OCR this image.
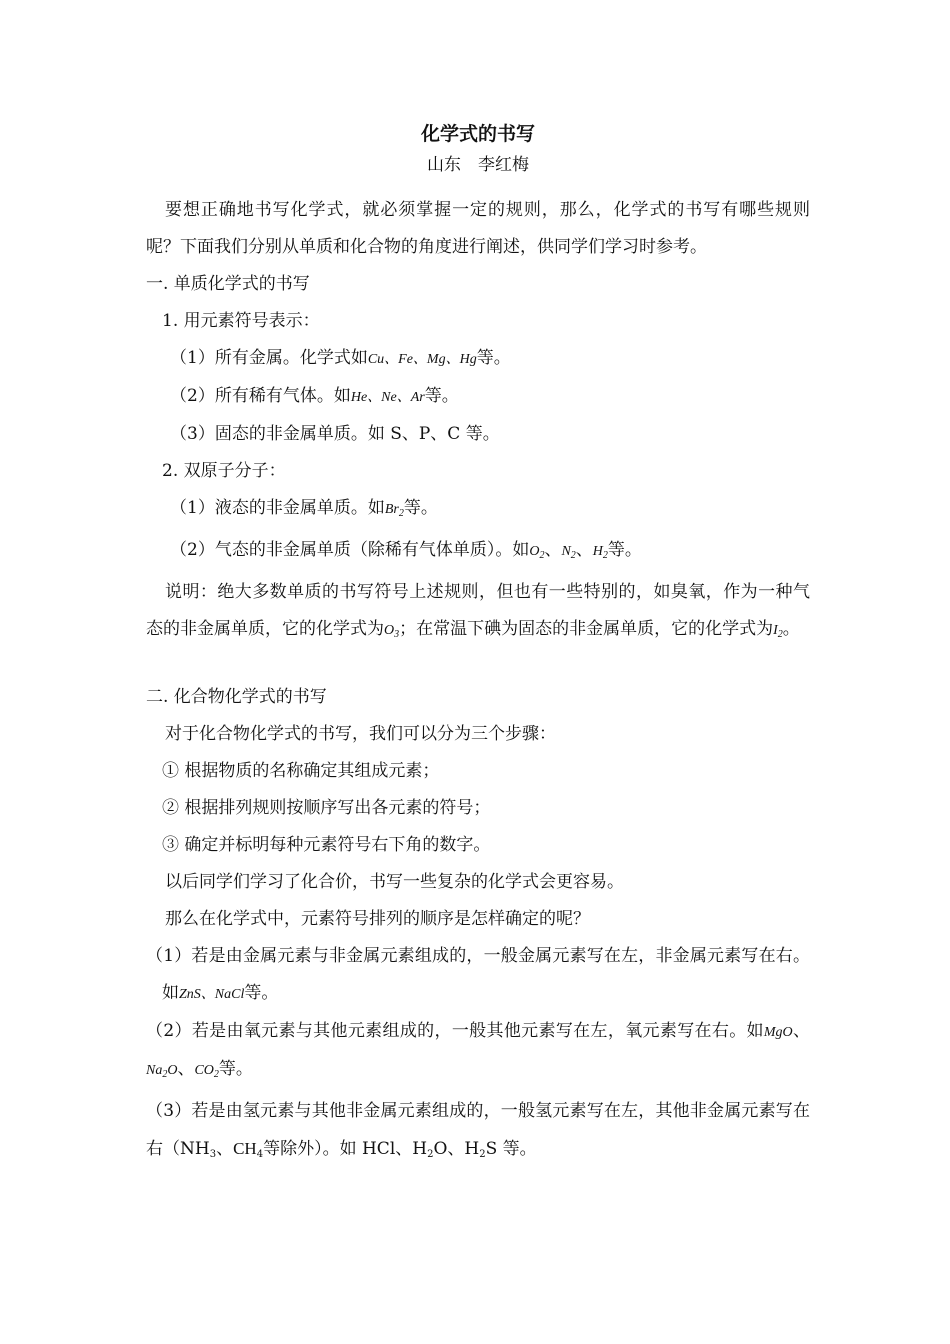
化学式的书写

山东　李红梅

要想正确地书写化学式，就必须掌握一定的规则，那么，化学式的书写有哪些规则呢？下面我们分别从单质和化合物的角度进行阐述，供同学们学习时参考。

一. 单质化学式的书写

1. 用元素符号表示：

（1）所有金属。化学式如Cu、Fe、Mg、Hg等。

（2）所有稀有气体。如He、Ne、Ar等。

（3）固态的非金属单质。如 S、P、C 等。

2. 双原子分子：

（1）液态的非金属单质。如$Br_2$等。

（2）气态的非金属单质（除稀有气体单质）。如$O_2$、$N_2$、$H_2$等。

说明：绝大多数单质的书写符号上述规则，但也有一些特别的，如臭氧，作为一种气态的非金属单质，它的化学式为$O_3$；在常温下碘为固态的非金属单质，它的化学式为$I_2$。

二. 化合物化学式的书写

对于化合物化学式的书写，我们可以分为三个步骤：

① 根据物质的名称确定其组成元素；

② 根据排列规则按顺序写出各元素的符号；

③ 确定并标明每种元素符号右下角的数字。

以后同学们学习了化合价，书写一些复杂的化学式会更容易。

那么在化学式中，元素符号排列的顺序是怎样确定的呢？

（1）若是由金属元素与非金属元素组成的，一般金属元素写在左，非金属元素写在右。如ZnS、NaCl等。

（2）若是由氧元素与其他元素组成的，一般其他元素写在左，氧元素写在右。如MgO、$Na_2O$、$CO_2$等。

（3）若是由氢元素与其他非金属元素组成的，一般氢元素写在左，其他非金属元素写在右（$NH_3$、$CH_4$等除外）。如 HCl、$H_2O$、$H_2S$ 等。
